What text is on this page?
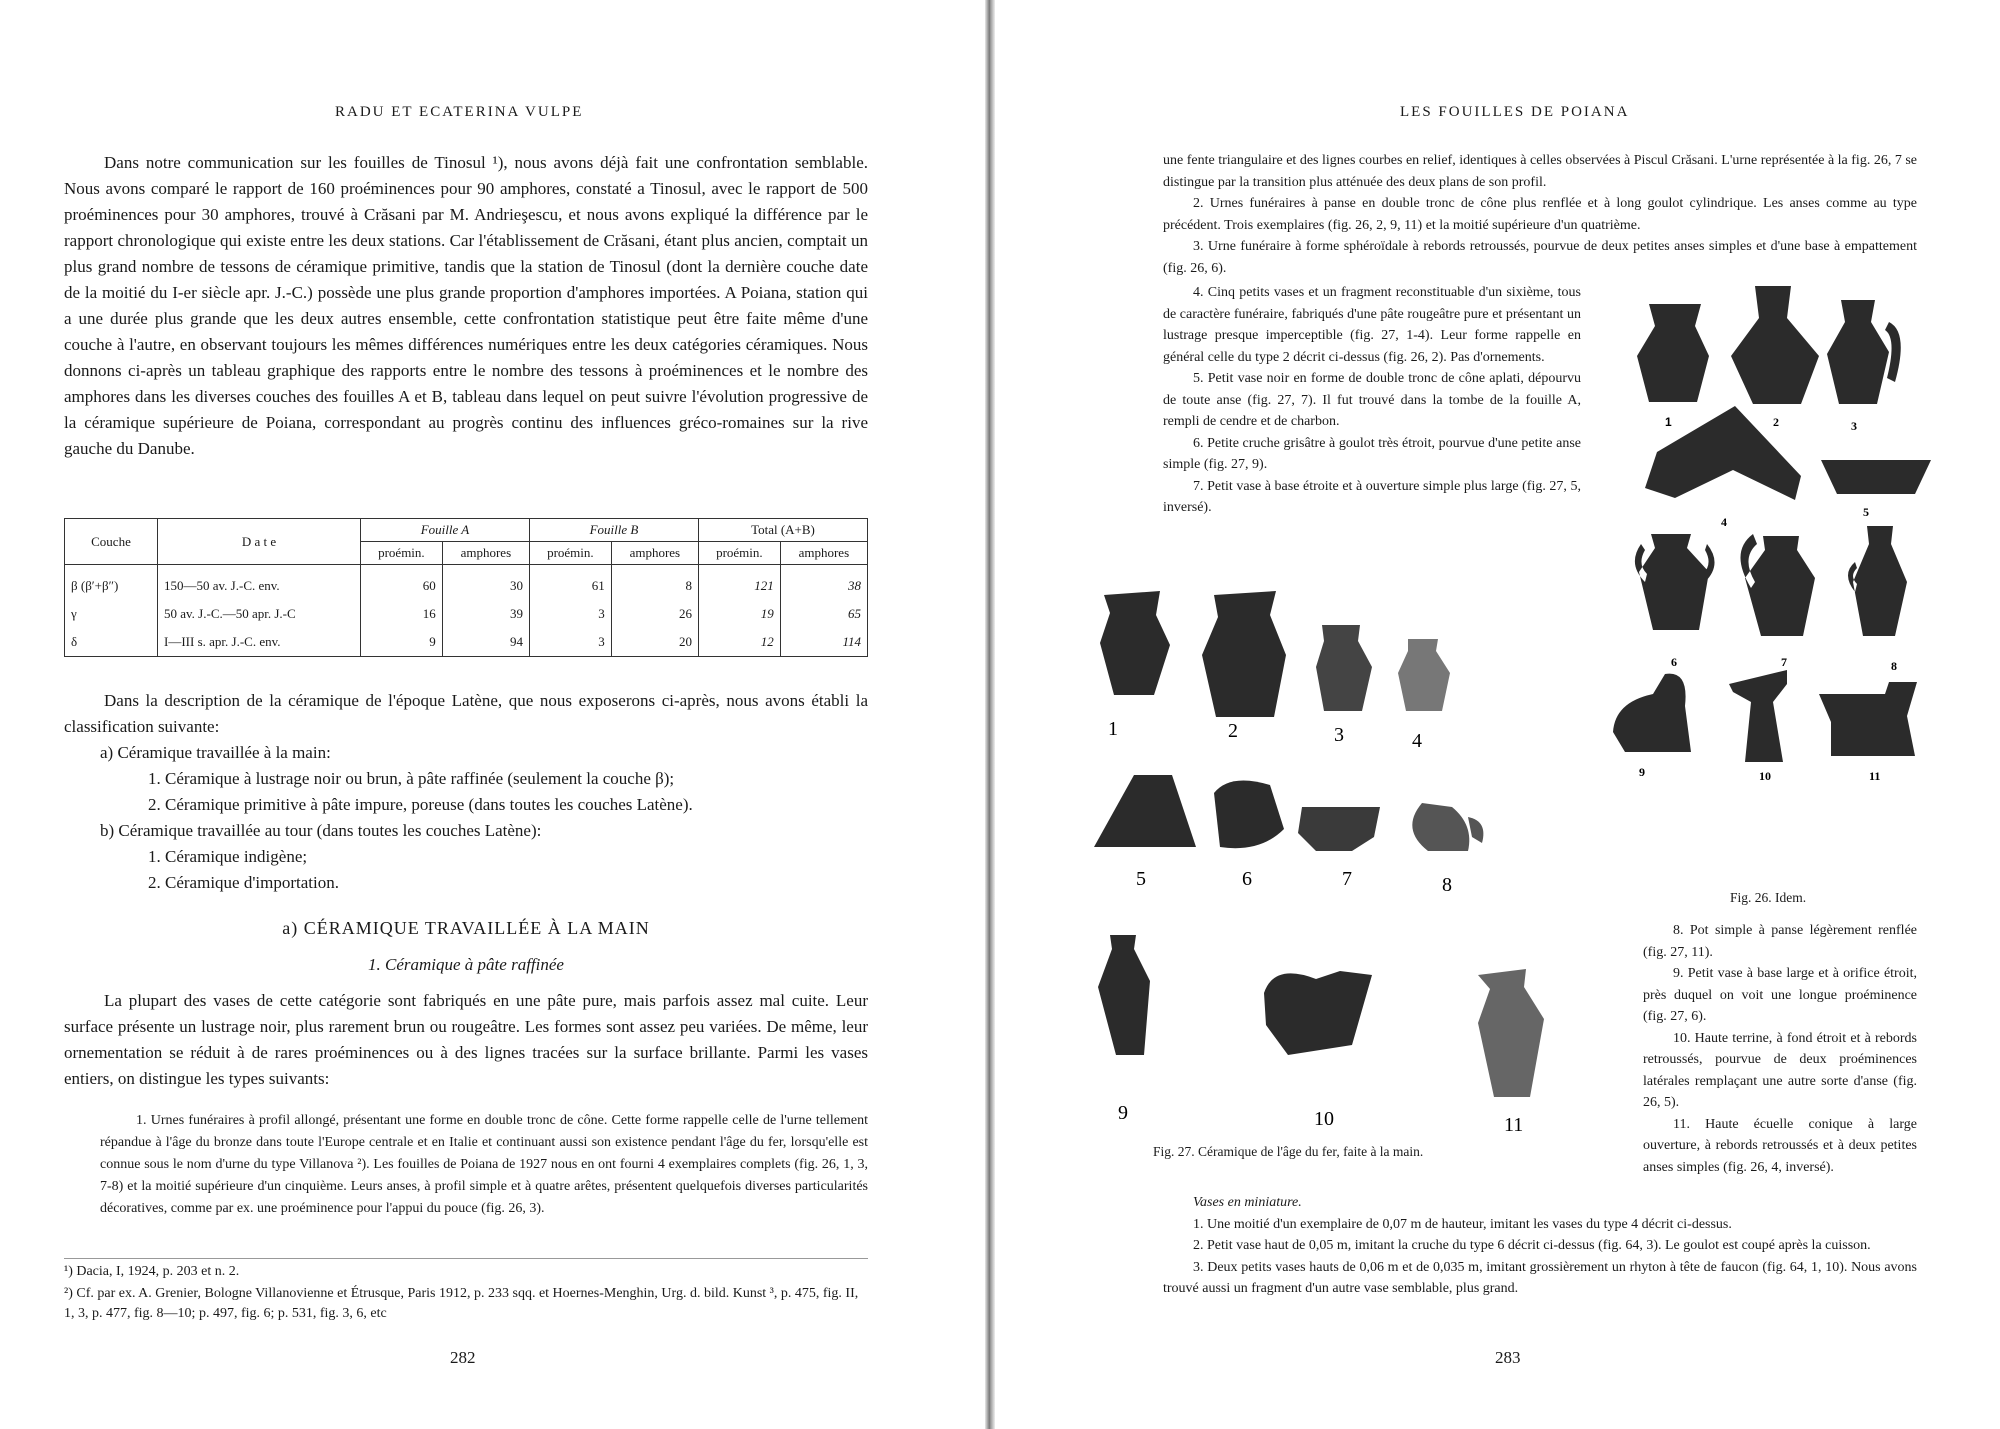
RADU ET ECATERINA VULPE

Dans notre communication sur les fouilles de Tinosul ¹), nous avons déjà fait une confrontation semblable. Nous avons comparé le rapport de 160 proéminences pour 90 amphores, constaté a Tinosul, avec le rapport de 500 proéminences pour 30 amphores, trouvé à Crăsani par M. Andrieşescu, et nous avons expliqué la différence par le rapport chronologique qui existe entre les deux stations. Car l'établissement de Crăsani, étant plus ancien, comptait un plus grand nombre de tessons de céramique primitive, tandis que la station de Tinosul (dont la dernière couche date de la moitié du I-er siècle apr. J.-C.) possède une plus grande proportion d'amphores importées. A Poiana, station qui a une durée plus grande que les deux autres ensemble, cette confrontation statistique peut être faite même d'une couche à l'autre, en observant toujours les mêmes différences numériques entre les deux catégories céramiques. Nous donnons ci-après un tableau graphique des rapports entre le nombre des tessons à proéminences et le nombre des amphores dans les diverses couches des fouilles A et B, tableau dans lequel on peut suivre l'évolution progressive de la céramique supérieure de Poiana, correspondant au progrès continu des influences gréco-romaines sur la rive gauche du Danube.

Couche	D a t e	Fouille A		Fouille B		Total (A+B)	
		proémin.	amphores	proémin.	amphores	proémin.	amphores
β (β′+β″)	150—50 av. J.-C. env.	60	30	61	8	121	38
γ	50 av. J.-C.—50 apr. J.-C	16	39	3	26	19	65
δ	I—III s. apr. J.-C. env.	9	94	3	20	12	114

Dans la description de la céramique de l'époque Latène, que nous exposerons ci-après, nous avons établi la classification suivante:

a) Céramique travaillée à la main:
1. Céramique à lustrage noir ou brun, à pâte raffinée (seulement la couche β);
2. Céramique primitive à pâte impure, poreuse (dans toutes les couches Latène).
b) Céramique travaillée au tour (dans toutes les couches Latène):
1. Céramique indigène;
2. Céramique d'importation.
a) CÉRAMIQUE TRAVAILLÉE À LA MAIN
1. Céramique à pâte raffinée

La plupart des vases de cette catégorie sont fabriqués en une pâte pure, mais parfois assez mal cuite. Leur surface présente un lustrage noir, plus rarement brun ou rougeâtre. Les formes sont assez peu variées. De même, leur ornementation se réduit à de rares proéminences ou à des lignes tracées sur la surface brillante. Parmi les vases entiers, on distingue les types suivants:

1. Urnes funéraires à profil allongé, présentant une forme en double tronc de cône. Cette forme rappelle celle de l'urne tellement répandue à l'âge du bronze dans toute l'Europe centrale et en Italie et continuant aussi son existence pendant l'âge du fer, lorsqu'elle est connue sous le nom d'urne du type Villanova ²). Les fouilles de Poiana de 1927 nous en ont fourni 4 exemplaires complets (fig. 26, 1, 3, 7-8) et la moitié supérieure d'un cinquième. Leurs anses, à profil simple et à quatre arêtes, présentent quelquefois diverses particularités décoratives, comme par ex. une proéminence pour l'appui du pouce (fig. 26, 3).

¹) Dacia, I, 1924, p. 203 et n. 2.

²) Cf. par ex. A. Grenier, Bologne Villanovienne et Étrusque, Paris 1912, p. 233 sqq. et Hoernes-Menghin, Urg. d. bild. Kunst ³, p. 475, fig. II, 1, 3, p. 477, fig. 8—10; p. 497, fig. 6; p. 531, fig. 3, 6, etc

282
LES FOUILLES DE POIANA

une fente triangulaire et des lignes courbes en relief, identiques à celles observées à Piscul Crăsani. L'urne représentée à la fig. 26, 7 se distingue par la transition plus atténuée des deux plans de son profil.

2. Urnes funéraires à panse en double tronc de cône plus renflée et à long goulot cylindrique. Les anses comme au type précédent. Trois exemplaires (fig. 26, 2, 9, 11) et la moitié supérieure d'un quatrième.

3. Urne funéraire à forme sphéroïdale à rebords retroussés, pourvue de deux petites anses simples et d'une base à empattement (fig. 26, 6).

4. Cinq petits vases et un fragment reconstituable d'un sixième, tous de caractère funéraire, fabriqués d'une pâte rougeâtre pure et présentant un lustrage presque imperceptible (fig. 27, 1-4). Leur forme rappelle en général celle du type 2 décrit ci-dessus (fig. 26, 2). Pas d'ornements.

5. Petit vase noir en forme de double tronc de cône aplati, dépourvu de toute anse (fig. 27, 7). Il fut trouvé dans la tombe de la fouille A, rempli de cendre et de charbon.

6. Petite cruche grisâtre à goulot très étroit, pourvue d'une petite anse simple (fig. 27, 9).

7. Petit vase à base étroite et à ouverture simple plus large (fig. 27, 5, inversé).

1	2	3
4
5
6	7	8
9	10	11
Fig. 26. Idem.
1	2	3	4
5	6	7	8
9	10	11
Fig. 27. Céramique de l'âge du fer, faite à la main.

8. Pot simple à panse légèrement renflée (fig. 27, 11).

9. Petit vase à base large et à orifice étroit, près duquel on voit une longue proéminence (fig. 27, 6).

10. Haute terrine, à fond étroit et à rebords retroussés, pourvue de deux proéminences latérales remplaçant une autre sorte d'anse (fig. 26, 5).

11. Haute écuelle conique à large ouverture, à rebords retroussés et à deux petites anses simples (fig. 26, 4, inversé).

Vases en miniature.

1. Une moitié d'un exemplaire de 0,07 m de hauteur, imitant les vases du type 4 décrit ci-dessus.

2. Petit vase haut de 0,05 m, imitant la cruche du type 6 décrit ci-dessus (fig. 64, 3). Le goulot est coupé après la cuisson.

3. Deux petits vases hauts de 0,06 m et de 0,035 m, imitant grossièrement un rhyton à tête de faucon (fig. 64, 1, 10). Nous avons trouvé aussi un fragment d'un autre vase semblable, plus grand.

283
